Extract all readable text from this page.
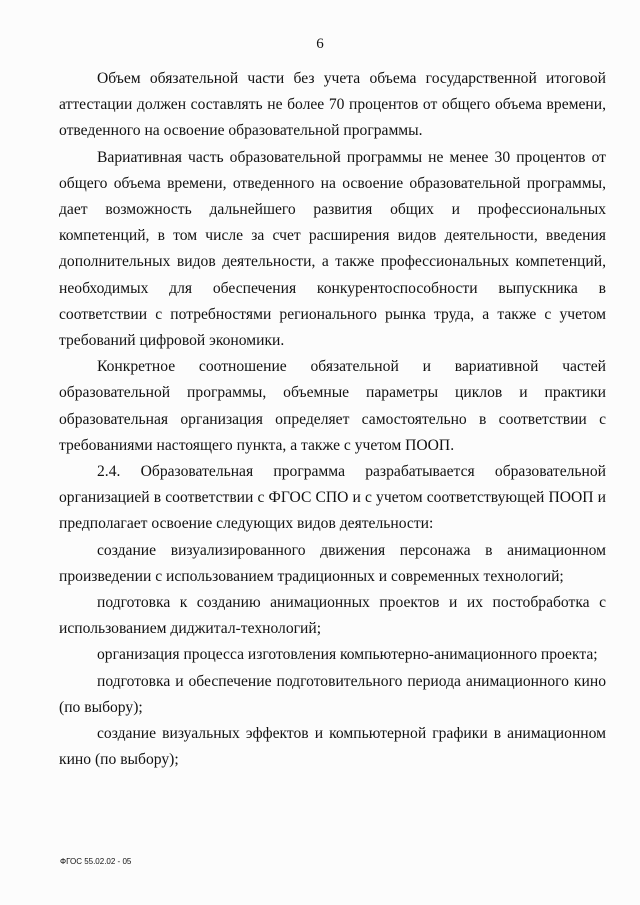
6

Объем обязательной части без учета объема государственной итоговой аттестации должен составлять не более 70 процентов от общего объема времени, отведенного на освоение образовательной программы.

Вариативная часть образовательной программы не менее 30 процентов от общего объема времени, отведенного на освоение образовательной программы, дает возможность дальнейшего развития общих и профессиональных компетенций, в том числе за счет расширения видов деятельности, введения дополнительных видов деятельности, а также профессиональных компетенций, необходимых для обеспечения конкурентоспособности выпускника в соответствии с потребностями регионального рынка труда, а также с учетом требований цифровой экономики.

Конкретное соотношение обязательной и вариативной частей образовательной программы, объемные параметры циклов и практики образовательная организация определяет самостоятельно в соответствии с требованиями настоящего пункта, а также с учетом ПООП.

2.4. Образовательная программа разрабатывается образовательной организацией в соответствии с ФГОС СПО и с учетом соответствующей ПООП и предполагает освоение следующих видов деятельности:

создание визуализированного движения персонажа в анимационном произведении с использованием традиционных и современных технологий;

подготовка к созданию анимационных проектов и их постобработка с использованием диджитал-технологий;

организация процесса изготовления компьютерно-анимационного проекта;

подготовка и обеспечение подготовительного периода анимационного кино (по выбору);

создание визуальных эффектов и компьютерной графики в анимационном кино (по выбору);

ФГОС 55.02.02 - 05
